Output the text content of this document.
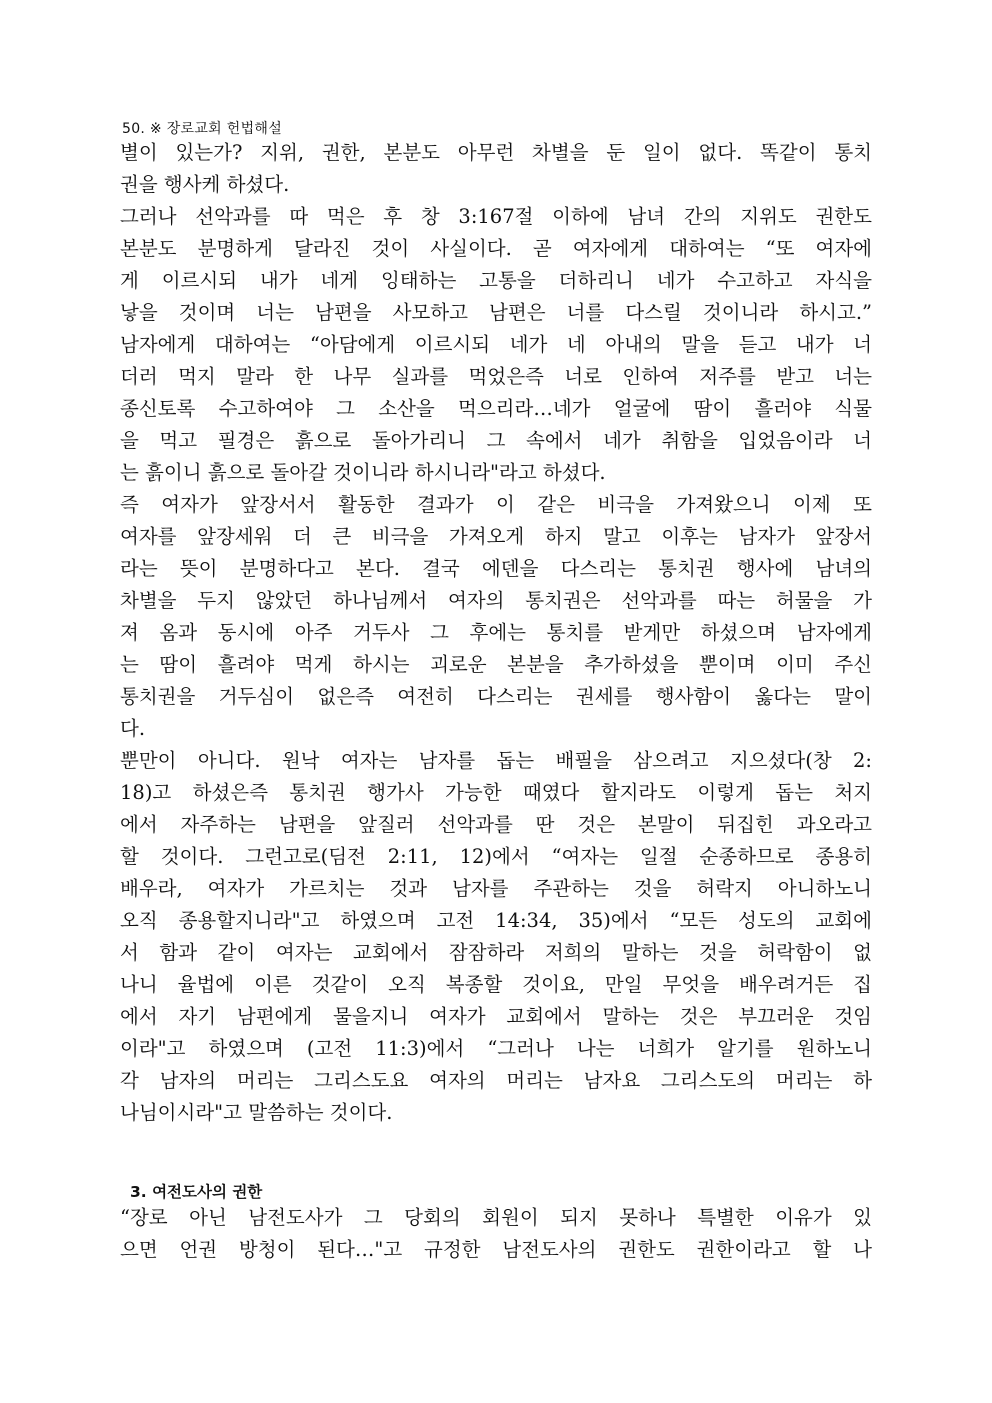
50. ※ 장로교회 헌법해설
별이 있는가? 지위, 권한, 본분도 아무런 차별을 둔 일이 없다. 똑같이 통치
권을 행사케 하셨다.
그러나 선악과를 따 먹은 후 창 3:167절 이하에 남녀 간의 지위도 권한도
본분도 분명하게 달라진 것이 사실이다. 곧 여자에게 대하여는 “또 여자에
게 이르시되 내가 네게 잉태하는 고통을 더하리니 네가 수고하고 자식을
낳을 것이며 너는 남편을 사모하고 남편은 너를 다스릴 것이니라 하시고.”
남자에게 대하여는 “아담에게 이르시되 네가 네 아내의 말을 듣고 내가 너
더러 먹지 말라 한 나무 실과를 먹었은즉 너로 인하여 저주를 받고 너는
종신토록 수고하여야 그 소산을 먹으리라…네가 얼굴에 땀이 흘러야 식물
을 먹고 필경은 흙으로 돌아가리니 그 속에서 네가 취함을 입었음이라 너
는 흙이니 흙으로 돌아갈 것이니라 하시니라"라고 하셨다.
즉 여자가 앞장서서 활동한 결과가 이 같은 비극을 가져왔으니 이제 또
여자를 앞장세워 더 큰 비극을 가져오게 하지 말고 이후는 남자가 앞장서
라는 뜻이 분명하다고 본다. 결국 에덴을 다스리는 통치권 행사에 남녀의
차별을 두지 않았던 하나님께서 여자의 통치권은 선악과를 따는 허물을 가
져 옴과 동시에 아주 거두사 그 후에는 통치를 받게만 하셨으며 남자에게
는 땀이 흘려야 먹게 하시는 괴로운 본분을 추가하셨을 뿐이며 이미 주신
통치권을 거두심이 없은즉 여전히 다스리는 권세를 행사함이 옳다는 말이
다.
뿐만이 아니다. 원낙 여자는 남자를 돕는 배필을 삼으려고 지으셨다(창 2:
18)고 하셨은즉 통치권 행가사 가능한 때였다 할지라도 이렇게 돕는 처지
에서 자주하는 남편을 앞질러 선악과를 딴 것은 본말이 뒤집힌 과오라고
할 것이다. 그런고로(딤전 2:11, 12)에서 “여자는 일절 순종하므로 종용히
배우라, 여자가 가르치는 것과 남자를 주관하는 것을 허락지 아니하노니
오직 종용할지니라"고 하였으며 고전 14:34, 35)에서 “모든 성도의 교회에
서 함과 같이 여자는 교회에서 잠잠하라 저희의 말하는 것을 허락함이 없
나니 율법에 이른 것같이 오직 복종할 것이요, 만일 무엇을 배우려거든 집
에서 자기 남편에게 물을지니 여자가 교회에서 말하는 것은 부끄러운 것임
이라"고 하였으며 (고전 11:3)에서 “그러나 나는 너희가 알기를 원하노니
각 남자의 머리는 그리스도요 여자의 머리는 남자요 그리스도의 머리는 하
나님이시라"고 말씀하는 것이다.
3. 여전도사의 권한
“장로 아닌 남전도사가 그 당회의 회원이 되지 못하나 특별한 이유가 있
으면 언권 방청이 된다…"고 규정한 남전도사의 권한도 권한이라고 할 나
